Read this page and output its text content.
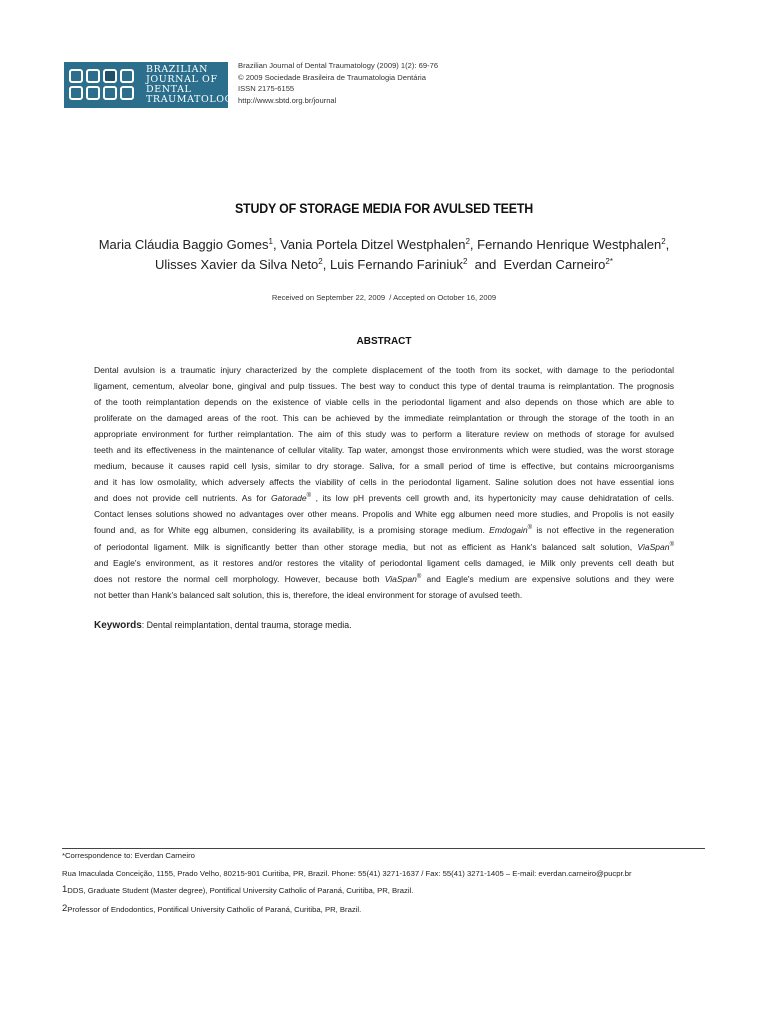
BRAZILIAN
JOURNAL OF
DENTAL
TRAUMATOLOGY
Brazilian Journal of Dental Traumatology (2009) 1(2): 69-76
© 2009 Sociedade Brasileira de Traumatologia Dentária
ISSN 2175-6155
http://www.sbtd.org.br/journal
STUDY OF STORAGE MEDIA FOR AVULSED TEETH
Maria Cláudia Baggio Gomes$^1$, Vania Portela Ditzel Westphalen$^2$, Fernando Henrique Westphalen$^2$,
Ulisses Xavier da Silva Neto$^2$, Luis Fernando Fariniuk$^2$  and  Everdan Carneiro$^{2*}$
Received on September 22, 2009  / Accepted on October 16, 2009
ABSTRACT
Dental avulsion is a traumatic injury characterized by the complete displacement of the tooth from its socket, with damage to the periodontal
ligament, cementum, alveolar bone, gingival and pulp tissues. The best way to conduct this type of dental trauma is reimplantation. The prognosis
of the tooth reimplantation depends on the existence of viable cells in the periodontal ligament and also depends on those which are able to
proliferate on the damaged areas of the root. This can be achieved by the immediate reimplantation or through the storage of the tooth in an
appropriate environment for further reimplantation. The aim of this study was to perform a literature review on methods of storage for avulsed
teeth and its effectiveness in the maintenance of cellular vitality. Tap water, amongst those environments which were studied, was the worst storage
medium, because it causes rapid cell lysis, similar to dry storage. Saliva, for a small period of time is effective, but contains microorganisms
and it has low osmolality, which adversely affects the viability of cells in the periodontal ligament. Saline solution does not have essential ions
and does not provide cell nutrients. As for Gatorade® , its low pH prevents cell growth and, its hypertonicity may cause dehidratation of cells.
Contact lenses solutions showed no advantages over other means. Propolis and White egg albumen need more studies, and Propolis is not easily
found and, as for White egg albumen, considering its availability, is a promising storage medium. Emdogain® is not effective in the regeneration
of periodontal ligament. Milk is significantly better than other storage media, but not as efficient as Hank's balanced salt solution, ViaSpan®
and Eagle's environment, as it restores and/or restores the vitality of periodontal ligament cells damaged, ie Milk only prevents cell death but
does not restore the normal cell morphology. However, because both ViaSpan® and Eagle's medium are expensive solutions and they were
not better than Hank's balanced salt solution, this is, therefore, the ideal environment for storage of avulsed teeth.
Keywords: Dental reimplantation, dental trauma, storage media.
*Correspondence to: Everdan Carneiro
Rua Imaculada Conceição, 1155, Prado Velho, 80215-901 Curitiba, PR, Brazil. Phone: 55(41) 3271-1637 / Fax: 55(41) 3271-1405 – E-mail: everdan.carneiro@pucpr.br
$^1$DDS, Graduate Student (Master degree), Pontifical University Catholic of Paraná, Curitiba, PR, Brazil.
$^2$Professor of Endodontics, Pontifical University Catholic of Paraná, Curitiba, PR, Brazil.
